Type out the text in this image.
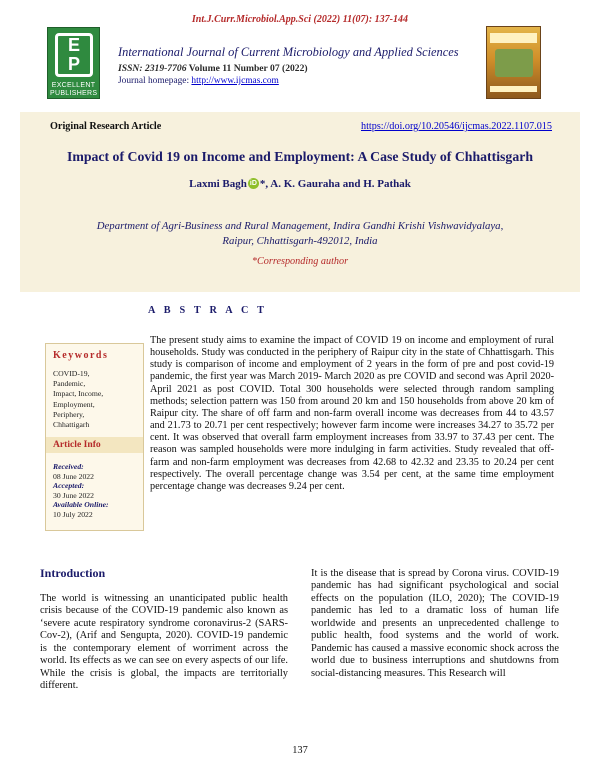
Int.J.Curr.Microbiol.App.Sci (2022) 11(07): 137-144
E
P
EXCELLENT
PUBLISHERS
International Journal of Current Microbiology and Applied Sciences
ISSN: 2319-7706 Volume 11 Number 07 (2022)
Journal homepage: http://www.ijcmas.com
Original Research Article	https://doi.org/10.20546/ijcmas.2022.1107.015
Impact of Covid 19 on Income and Employment: A Case Study of Chhattisgarh
Laxmi Bagh iD *, A. K. Gauraha and H. Pathak
Department of Agri-Business and Rural Management, Indira Gandhi Krishi Vishwavidyalaya,
Raipur, Chhattisgarh-492012, India
*Corresponding author
A B S T R A C T
Keywords
COVID-19,
Pandemic,
Impact, Income,
Employment,
Periphery,
Chhattigarh
Article Info
Received:
08 June 2022
Accepted:
30 June 2022
Available Online:
10 July 2022
The present study aims to examine the impact of COVID 19 on income and employment of rural households. Study was conducted in the periphery of Raipur city in the state of Chhattisgarh. This study is comparison of income and employment of 2 years in the form of pre and post covid-19 pandemic, the first year was March 2019- March 2020 as pre COVID and second was April 2020- April 2021 as post COVID. Total 300 households were selected through random sampling methods; selection pattern was 150 from around 20 km and 150 households from above 20 km of Raipur city. The share of off farm and non-farm overall income was decreases from 44 to 43.57 and 21.73 to 20.71 per cent respectively; however farm income were increases 34.27 to 35.72 per cent. It was observed that overall farm employment increases from 33.97 to 37.43 per cent. The reason was sampled households were more indulging in farm activities. Study revealed that off-farm and non-farm employment was decreases from 42.68 to 42.32 and 23.35 to 20.24 per cent respectively. The overall percentage change was 3.54 per cent, at the same time employment percentage change was decreases 9.24 per cent.
Introduction
The world is witnessing an unanticipated public health crisis because of the COVID-19 pandemic also known as ‘severe acute respiratory syndrome coronavirus‑2 (SARS-Cov‑2), (Arif and Sengupta, 2020). COVID-19 pandemic is the contemporary element of worriment across the world. Its effects as we can see on every aspects of our life. While the crisis is global, the impacts are territorially different.
It is the disease that is spread by Corona virus. COVID-19 pandemic has had significant psychological and social effects on the population (ILO, 2020); The COVID-19 pandemic has led to a dramatic loss of human life worldwide and presents an unprecedented challenge to public health, food systems and the world of work. Pandemic has caused a massive economic shock across the world due to business interruptions and shutdowns from social-distancing measures. This Research will
137
